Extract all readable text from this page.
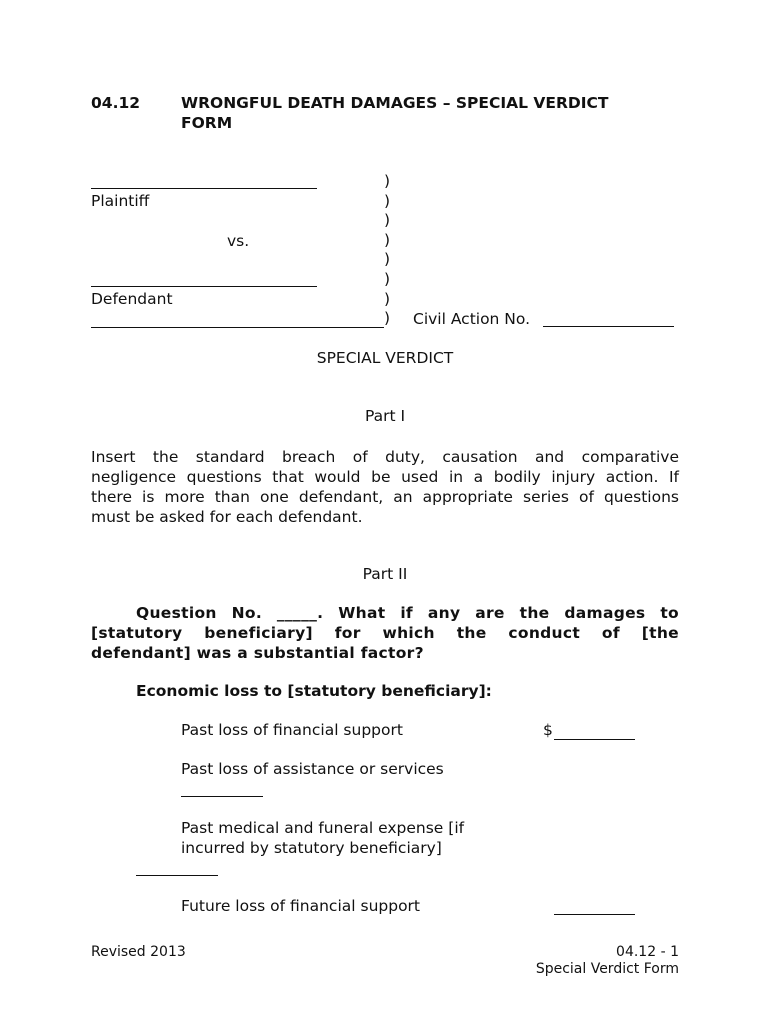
04.12	WRONGFUL DEATH DAMAGES – SPECIAL VERDICT
FORM
Plaintiff
vs.
Defendant
)
)
)
)
)
)
)
)	Civil Action No.
SPECIAL VERDICT
Part I
Insert the standard breach of duty, causation and comparative
negligence questions that would be used in a bodily injury action. If
there is more than one defendant, an appropriate series of questions
must be asked for each defendant.
Part II
Question No. _____. What if any are the damages to
[statutory beneficiary] for which the conduct of [the
defendant] was a substantial factor?
Economic loss to [statutory beneficiary]:
Past loss of financial support	$
Past loss of assistance or services
Past medical and funeral expense [if
incurred by statutory beneficiary]
Future loss of financial support
Revised 2013	04.12 - 1
Special Verdict Form
